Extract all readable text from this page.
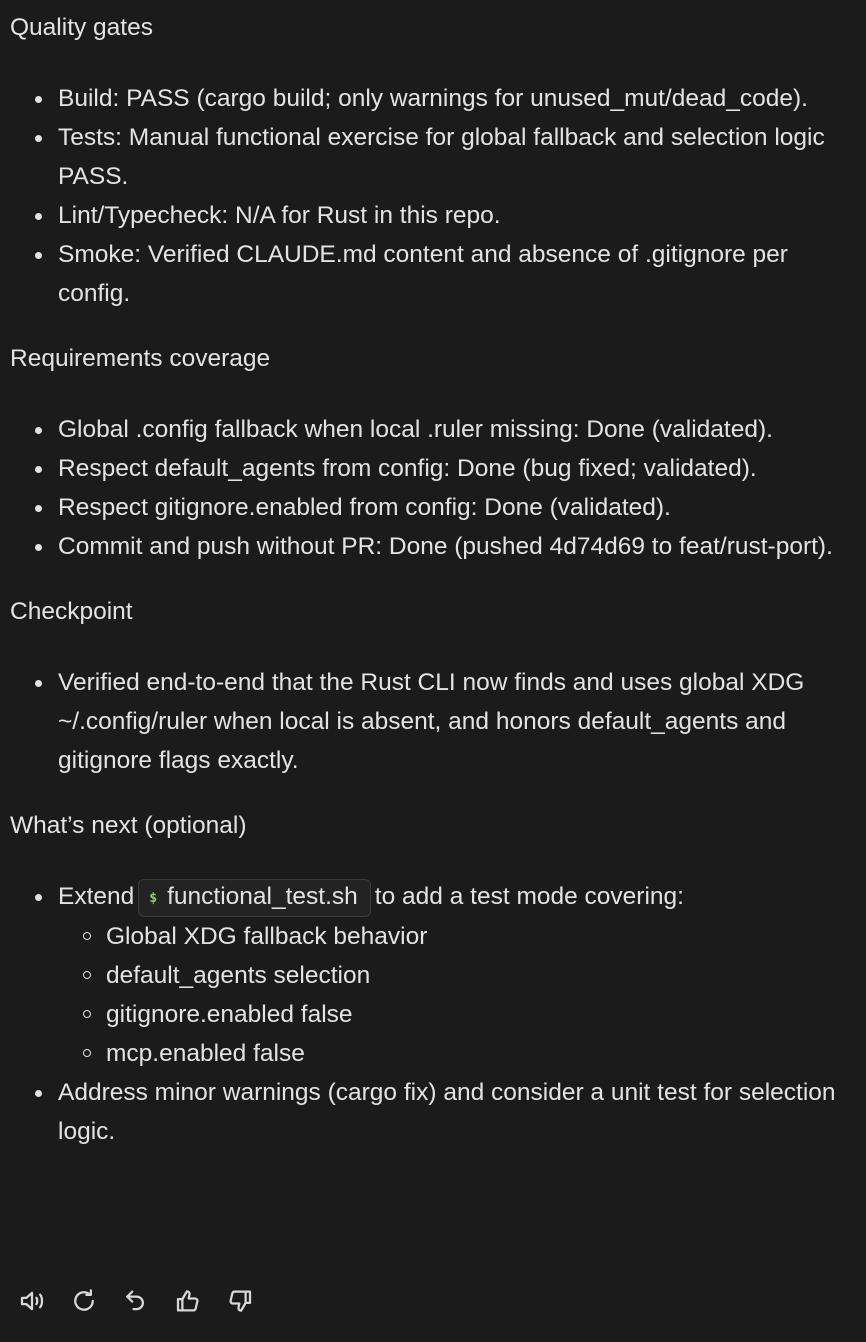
Quality gates

Build: PASS (cargo build; only warnings for unused_mut/dead_code).
Tests: Manual functional exercise for global fallback and selection logic PASS.
Lint/Typecheck: N/A for Rust in this repo.
Smoke: Verified CLAUDE.md content and absence of .gitignore per config.

Requirements coverage

Global .config fallback when local .ruler missing: Done (validated).
Respect default_agents from config: Done (bug fixed; validated).
Respect gitignore.enabled from config: Done (validated).
Commit and push without PR: Done (pushed 4d74d69 to feat/rust-port).

Checkpoint

Verified end-to-end that the Rust CLI now finds and uses global XDG ~/.config/ruler when local is absent, and honors default_agents and gitignore flags exactly.

What’s next (optional)

Extend $ functional_test.sh to add a test mode covering:
Global XDG fallback behavior
default_agents selection
gitignore.enabled false
mcp.enabled false
Address minor warnings (cargo fix) and consider a unit test for selection logic.
